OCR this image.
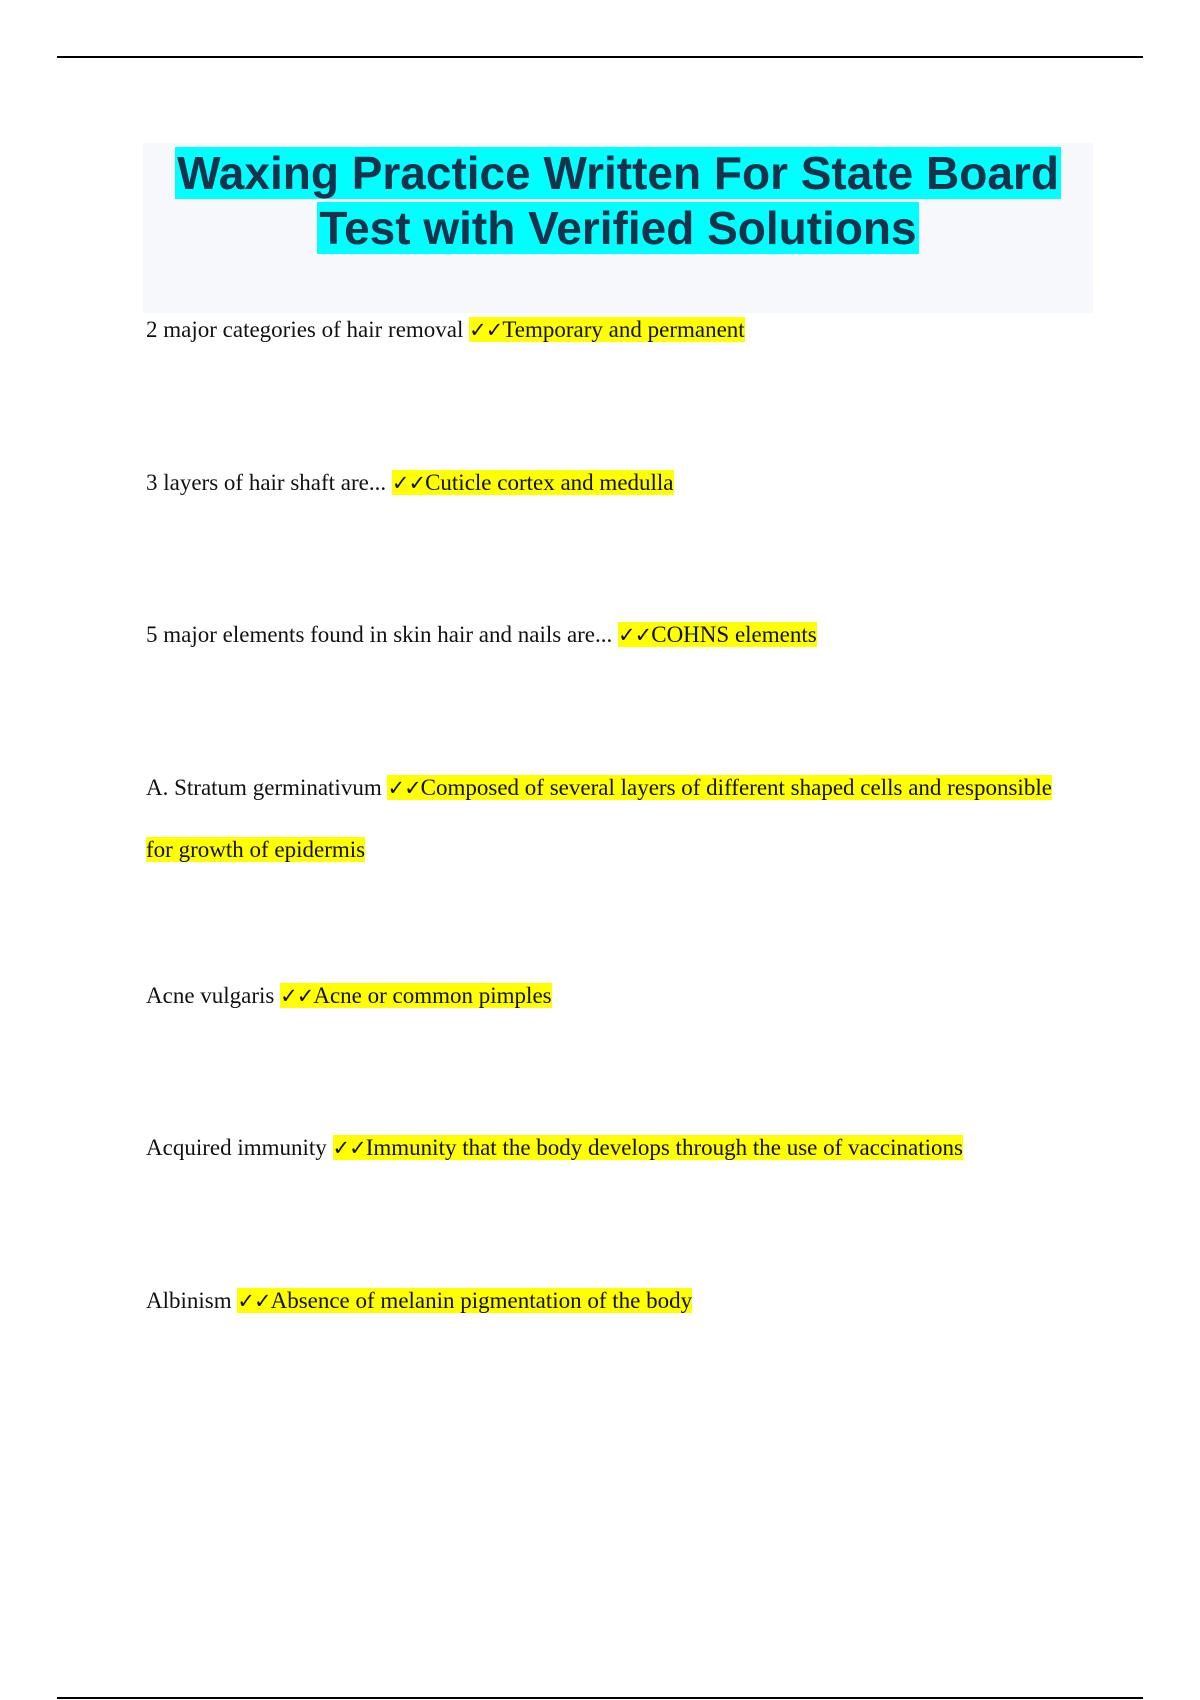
Waxing Practice Written For State Board
Test with Verified Solutions

2 major categories of hair removal ✓✓Temporary and permanent

3 layers of hair shaft are... ✓✓Cuticle cortex and medulla

5 major elements found in skin hair and nails are... ✓✓COHNS elements

A. Stratum germinativum ✓✓Composed of several layers of different shaped cells and responsible for growth of epidermis

Acne vulgaris ✓✓Acne or common pimples

Acquired immunity ✓✓Immunity that the body develops through the use of vaccinations

Albinism ✓✓Absence of melanin pigmentation of the body
